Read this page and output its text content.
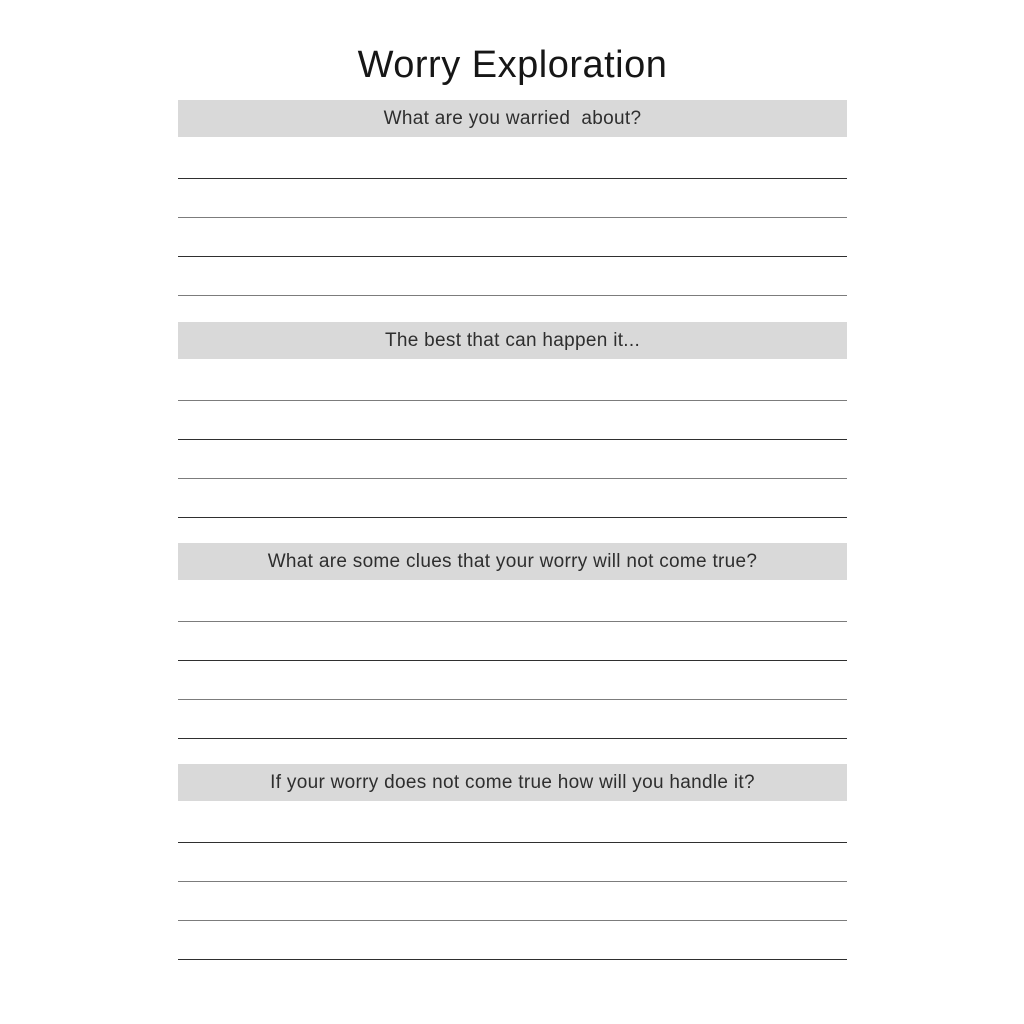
Worry Exploration
What are you warried  about?
The best that can happen it...
What are some clues that your worry will not come true?
If your worry does not come true how will you handle it?
